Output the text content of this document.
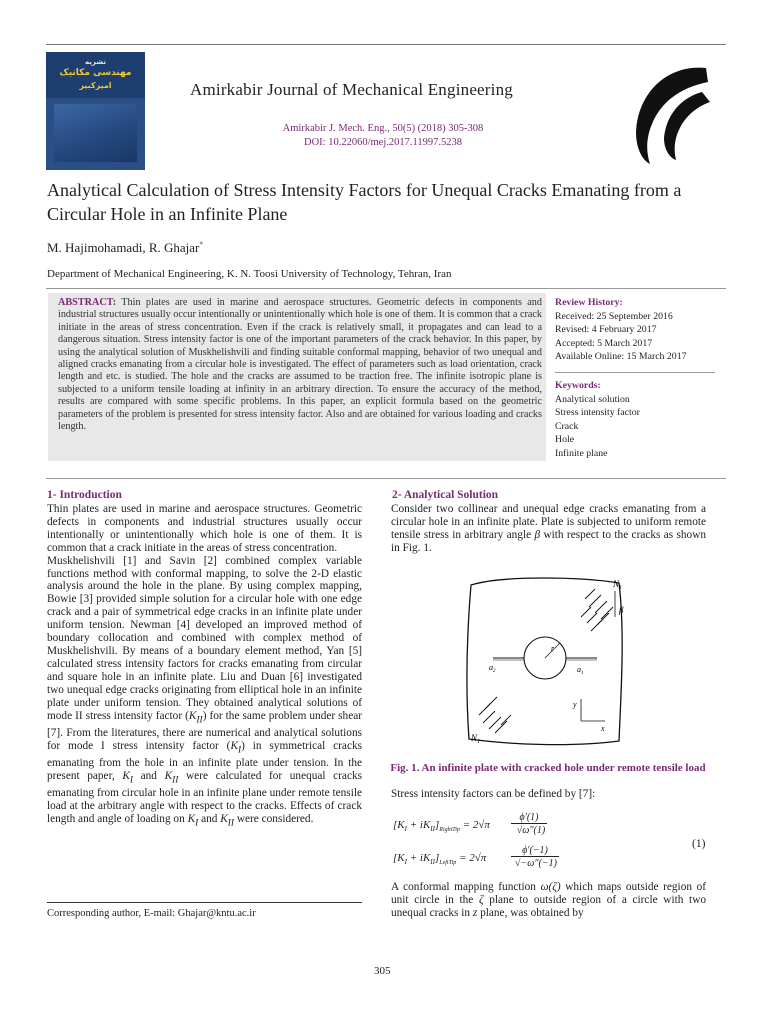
نشریه
مهندسی مکانیک
امیرکبیر	Amirkabir Journal of Mechanical Engineering
Amirkabir J. Mech. Eng., 50(5) (2018) 305-308
DOI: 10.22060/mej.2017.11997.5238
Analytical Calculation of Stress Intensity Factors for Unequal Cracks Emanating from a Circular Hole in an Infinite Plane
M. Hajimohamadi, R. Ghajar*
Department of Mechanical Engineering, K. N. Toosi University of Technology, Tehran, Iran
ABSTRACT: Thin plates are used in marine and aerospace structures. Geometric defects in components and industrial structures usually occur intentionally or unintentionally which hole is one of them. It is common that a crack initiate in the areas of stress concentration. Even if the crack is relatively small, it propagates and can lead to a dangerous situation. Stress intensity factor is one of the important parameters of the crack behavior. In this paper, by using the analytical solution of Muskhelishvili and finding suitable conformal mapping, behavior of two unequal and aligned cracks emanating from a circular hole is investigated. The effect of parameters such as load orientation, crack length and etc. is studied. The hole and the cracks are assumed to be traction free. The infinite isotropic plane is subjected to a uniform tensile loading at infinity in an arbitrary direction. To ensure the accuracy of the method, results are compared with some specific problems. In this paper, an explicit formula based on the geometric parameters of the problem is presented for stress intensity factor. Also and are obtained for various loading and cracks length.
Review History:
Received: 25 September 2016
Revised: 4 February 2017
Accepted: 5 March 2017
Available Online: 15 March 2017
Keywords:
Analytical solution
Stress intensity factor
Crack
Hole
Infinite plane
1- Introduction

Thin plates are used in marine and aerospace structures. Geometric defects in components and industrial structures usually occur intentionally or unintentionally which hole is one of them. It is common that a crack initiate in the areas of stress concentration.

Muskhelishvili [1] and Savin [2] combined complex variable functions method with conformal mapping, to solve the 2-D elastic analysis around the hole in the plane. By using complex mapping, Bowie [3] provided simple solution for a circular hole with one edge crack and a pair of symmetrical edge cracks in an infinite plate under uniform tension. Newman [4] developed an improved method of boundary collocation and combined with complex method of Muskhelishvili. By means of a boundary element method, Yan [5] calculated stress intensity factors for cracks emanating from circular and square hole in an infinite plate. Liu and Duan [6] investigated two unequal edge cracks originating from elliptical hole in an infinite plate under uniform tension. They obtained analytical solutions of mode II stress intensity factor $(K_{II})$ for the same problem under shear [7]. From the literatures, there are numerical and analytical solutions for mode I stress intensity factor $(K_I)$ in symmetrical cracks emanating from the hole in an infinite plate under tension. In the present paper, $K_I$ and $K_{II}$ were calculated for unequal cracks emanating from circular hole in an infinite plane under remote tensile load at the arbitrary angle with respect to the cracks. Effects of crack length and angle of loading on $K_I$ and $K_{II}$ were considered.

Corresponding author, E-mail: Ghajar@kntu.ac.ir
2- Analytical Solution

Consider two collinear and unequal edge cracks emanating from a circular hole in an infinite plate. Plate is subjected to uniform remote tensile stress in arbitrary angle β with respect to the cracks as shown in Fig. 1.

$N_1$
β
$N_1$
$a_2$	$a_1$
r
x
y
Fig. 1. An infinite plate with cracked hole under remote tensile load
Stress intensity factors can be defined by [7]:
$[K_I + iK_{II}]_{RightTip} = 2√\pi$
ϕ′(1)
√ω″(1)
$[K_I + iK_{II}]_{LeftTip} = 2√\pi$
ϕ′(−1)
√−ω″(−1)
(1)
A conformal mapping function ω(ζ) which maps outside region of unit circle in the ζ plane to outside region of a circle with two unequal cracks in z plane, was obtained by
305
